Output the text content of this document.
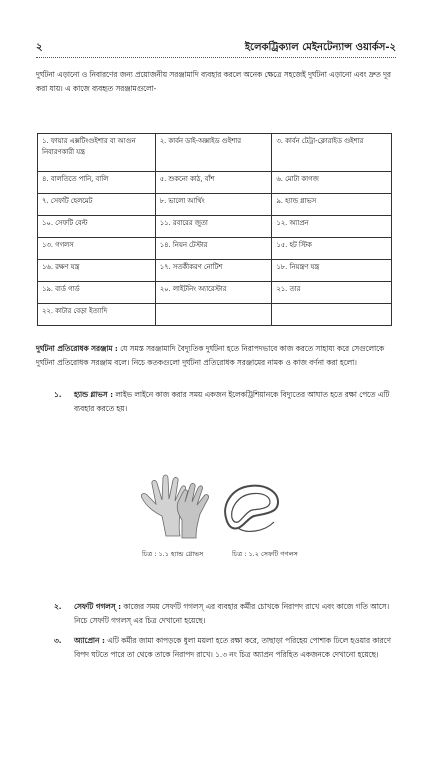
২	ইলেকট্রিক্যাল মেইনটেন্যান্স ওয়ার্কস-২

দুর্ঘটনা এড়ানো ও নিবারণের জন্য প্রয়োজনীয় সরঞ্জামাদি ব্যবহার করলে অনেক ক্ষেত্রে সহজেই দুর্ঘটনা এড়ানো এবং দ্রুত দূর করা যায়। এ কাজে ব্যবহৃত সরঞ্জামগুলো-

১. ফায়ার এক্সটিংগুইশার বা আগুন নিবারণকারী যন্ত্র	২. কার্বন ডাই-অক্সাইড গুইশার	৩. কার্বন টেট্রা-ক্লোরাইড গুইশার
৪. বালতিতে পানি, বালি	৫. শুকনো কাঠ, বাঁশ	৬. মোটা কাগজ
৭. সেফটি হেলমেট	৮. ভালো আর্থিং	৯. হ্যান্ড গ্লাভস
১০. সেফটি বেল্ট	১১. রবারের জুতা	১২. অ্যাপ্রন
১৩. গগলস	১৪. নিয়ন টেস্টার	১৫. হট স্টিক
১৬. রক্ষণ যন্ত্র	১৭. সতর্কীকরণ নোটিশ	১৮. নিয়ন্ত্রণ যন্ত্র
১৯. বার্ড গার্ড	২০. লাইটনিং অ্যারেস্টার	২১. তার
২২. কাটার বেড়া ইত্যাদি		

দুর্ঘটনা প্রতিরোধক সরঞ্জাম : যে সমস্ত সরঞ্জামাদি বৈদ্যুতিক দুর্ঘটনা হতে নিরাপদভাবে কাজ করতে সাহায্য করে সেগুলোকে দুর্ঘটনা প্রতিরোধক সরঞ্জাম বলে। নিচে কতকগুলো দুর্ঘটনা প্রতিরোধক সরঞ্জামের নামক ও কাজ বর্ণনা করা হলো।

১. হ্যান্ড গ্লাভস : লাইভ লাইনে কাজ করার সময় একজন ইলেকট্রিশিয়ানকে বিদ্যুতের আঘাত হতে রক্ষা পেতে এটি ব্যবহার করতে হয়।

চিত্র : ১.১ হ্যান্ড গ্লোভস	চিত্র : ১.২ সেফটি গগলস
২. সেফটি গগলস্ : কাজের সময় সেফটি গগলস্ এর ব্যবহার কর্মীর চোখকে নিরাপদ রাখে এবং কাজে গতি আসে। নিচে সেফটি গগলস্ এর চিত্র দেখানো হয়েছে।

৩. অ্যাপ্রোন : এটি কর্মীর জামা কাপড়কে ধুলা ময়লা হতে রক্ষা করে, তাছাড়া পরিহেয় পোশাক ঢিলে হওয়ার কারণে বিপদ ঘটতে পারে তা থেকে তাকে নিরাপদ রাখে। ১.৩ নং চিত্র অ্যাপ্রন পরিহিত একজনকে দেখানো হয়েছে।
